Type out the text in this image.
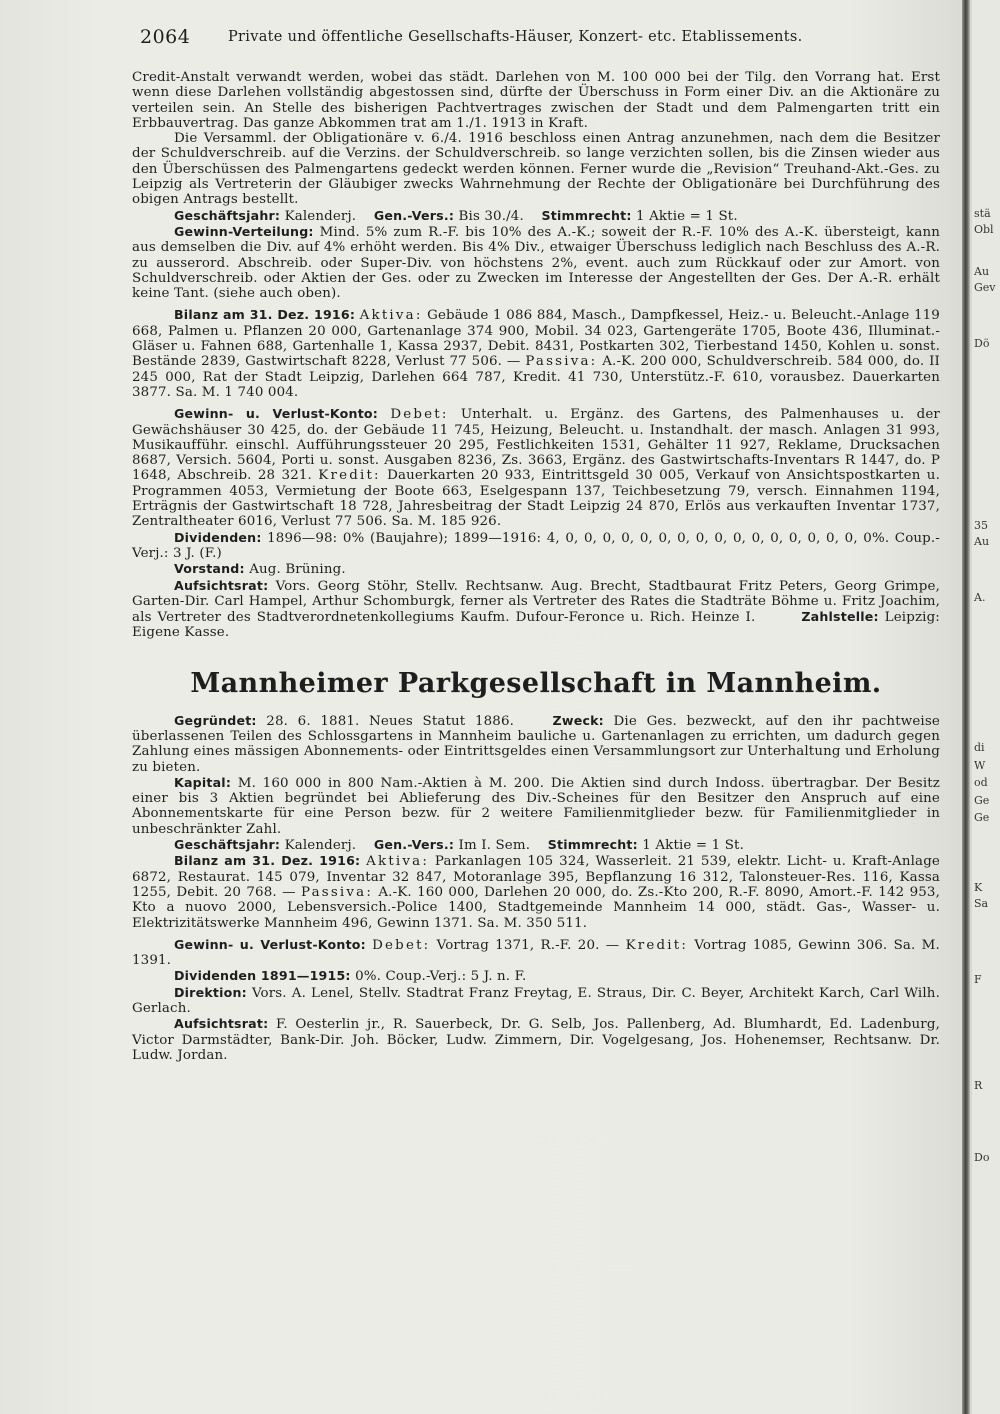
2064	Private und öffentliche Gesellschafts-Häuser, Konzert- etc. Etablissements.

Credit-Anstalt verwandt werden, wobei das städt. Darlehen von M. 100 000 bei der Tilg. den Vorrang hat. Erst wenn diese Darlehen vollständig abgestossen sind, dürfte der Überschuss in Form einer Div. an die Aktionäre zu verteilen sein. An Stelle des bisherigen Pachtvertrages zwischen der Stadt und dem Palmengarten tritt ein Erbbauvertrag. Das ganze Abkommen trat am 1./1. 1913 in Kraft.

Die Versamml. der Obligationäre v. 6./4. 1916 beschloss einen Antrag anzunehmen, nach dem die Besitzer der Schuldverschreib. auf die Verzins. der Schuldverschreib. so lange verzichten sollen, bis die Zinsen wieder aus den Überschüssen des Palmengartens gedeckt werden können. Ferner wurde die „Revision“ Treuhand-Akt.-Ges. zu Leipzig als Vertreterin der Gläubiger zwecks Wahrnehmung der Rechte der Obligationäre bei Durchführung des obigen Antrags bestellt.

Geschäftsjahr: Kalenderj. Gen.-Vers.: Bis 30./4. Stimmrecht: 1 Aktie = 1 St.

Gewinn-Verteilung: Mind. 5% zum R.-F. bis 10% des A.-K.; soweit der R.-F. 10% des A.-K. übersteigt, kann aus demselben die Div. auf 4% erhöht werden. Bis 4% Div., etwaiger Überschuss lediglich nach Beschluss des A.-R. zu ausserord. Abschreib. oder Super-Div. von höchstens 2%, event. auch zum Rückkauf oder zur Amort. von Schuldverschreib. oder Aktien der Ges. oder zu Zwecken im Interesse der Angestellten der Ges. Der A.-R. erhält keine Tant. (siehe auch oben).

Bilanz am 31. Dez. 1916: Aktiva: Gebäude 1 086 884, Masch., Dampfkessel, Heiz.- u. Beleucht.-Anlage 119 668, Palmen u. Pflanzen 20 000, Gartenanlage 374 900, Mobil. 34 023, Gartengeräte 1705, Boote 436, Illuminat.-Gläser u. Fahnen 688, Gartenhalle 1, Kassa 2937, Debit. 8431, Postkarten 302, Tierbestand 1450, Kohlen u. sonst. Bestände 2839, Gastwirtschaft 8228, Verlust 77 506. — Passiva: A.-K. 200 000, Schuldverschreib. 584 000, do. II 245 000, Rat der Stadt Leipzig, Darlehen 664 787, Kredit. 41 730, Unterstütz.-F. 610, vorausbez. Dauerkarten 3877. Sa. M. 1 740 004.

Gewinn- u. Verlust-Konto: Debet: Unterhalt. u. Ergänz. des Gartens, des Palmenhauses u. der Gewächshäuser 30 425, do. der Gebäude 11 745, Heizung, Beleucht. u. Instandhalt. der masch. Anlagen 31 993, Musikaufführ. einschl. Aufführungssteuer 20 295, Festlichkeiten 1531, Gehälter 11 927, Reklame, Drucksachen 8687, Versich. 5604, Porti u. sonst. Ausgaben 8236, Zs. 3663, Ergänz. des Gastwirtschafts-Inventars R 1447, do. P 1648, Abschreib. 28 321. Kredit: Dauerkarten 20 933, Eintrittsgeld 30 005, Verkauf von Ansichtspostkarten u. Programmen 4053, Vermietung der Boote 663, Eselgespann 137, Teichbesetzung 79, versch. Einnahmen 1194, Erträgnis der Gastwirtschaft 18 728, Jahresbeitrag der Stadt Leipzig 24 870, Erlös aus verkauften Inventar 1737, Zentraltheater 6016, Verlust 77 506. Sa. M. 185 926.

Dividenden: 1896—98: 0% (Baujahre); 1899—1916: 4, 0, 0, 0, 0, 0, 0, 0, 0, 0, 0, 0, 0, 0, 0, 0, 0, 0%. Coup.-Verj.: 3 J. (F.)

Vorstand: Aug. Brüning.

Aufsichtsrat: Vors. Georg Stöhr, Stellv. Rechtsanw. Aug. Brecht, Stadtbaurat Fritz Peters, Georg Grimpe, Garten-Dir. Carl Hampel, Arthur Schomburgk, ferner als Vertreter des Rates die Stadträte Böhme u. Fritz Joachim, als Vertreter des Stadtverordnetenkollegiums Kaufm. Dufour-Feronce u. Rich. Heinze I.	Zahlstelle: Leipzig: Eigene Kasse.

Mannheimer Parkgesellschaft in Mannheim.

Gegründet: 28. 6. 1881. Neues Statut 1886.	Zweck: Die Ges. bezweckt, auf den ihr pachtweise überlassenen Teilen des Schlossgartens in Mannheim bauliche u. Gartenanlagen zu errichten, um dadurch gegen Zahlung eines mässigen Abonnements- oder Eintrittsgeldes einen Versammlungsort zur Unterhaltung und Erholung zu bieten.

Kapital: M. 160 000 in 800 Nam.-Aktien à M. 200. Die Aktien sind durch Indoss. übertragbar. Der Besitz einer bis 3 Aktien begründet bei Ablieferung des Div.-Scheines für den Besitzer den Anspruch auf eine Abonnementskarte für eine Person bezw. für 2 weitere Familienmitglieder bezw. für Familienmitglieder in unbeschränkter Zahl.

Geschäftsjahr: Kalenderj. Gen.-Vers.: Im I. Sem. Stimmrecht: 1 Aktie = 1 St.

Bilanz am 31. Dez. 1916: Aktiva: Parkanlagen 105 324, Wasserleit. 21 539, elektr. Licht- u. Kraft-Anlage 6872, Restaurat. 145 079, Inventar 32 847, Motoranlage 395, Bepflanzung 16 312, Talonsteuer-Res. 116, Kassa 1255, Debit. 20 768. — Passiva: A.-K. 160 000, Darlehen 20 000, do. Zs.-Kto 200, R.-F. 8090, Amort.-F. 142 953, Kto a nuovo 2000, Lebensversich.-Police 1400, Stadtgemeinde Mannheim 14 000, städt. Gas-, Wasser- u. Elektrizitätswerke Mannheim 496, Gewinn 1371. Sa. M. 350 511.

Gewinn- u. Verlust-Konto: Debet: Vortrag 1371, R.-F. 20. — Kredit: Vortrag 1085, Gewinn 306. Sa. M. 1391.

Dividenden 1891—1915: 0%. Coup.-Verj.: 5 J. n. F.

Direktion: Vors. A. Lenel, Stellv. Stadtrat Franz Freytag, E. Straus, Dir. C. Beyer, Architekt Karch, Carl Wilh. Gerlach.

Aufsichtsrat: F. Oesterlin jr., R. Sauerbeck, Dr. G. Selb, Jos. Pallenberg, Ad. Blumhardt, Ed. Ladenburg, Victor Darmstädter, Bank-Dir. Joh. Böcker, Ludw. Zimmern, Dir. Vogelgesang, Jos. Hohenemser, Rechtsanw. Dr. Ludw. Jordan.

stä
Obl
Au
Gev
Dö
35
Au
A.
di
W
od
Ge
Ge
K
Sa
F
R
Do
